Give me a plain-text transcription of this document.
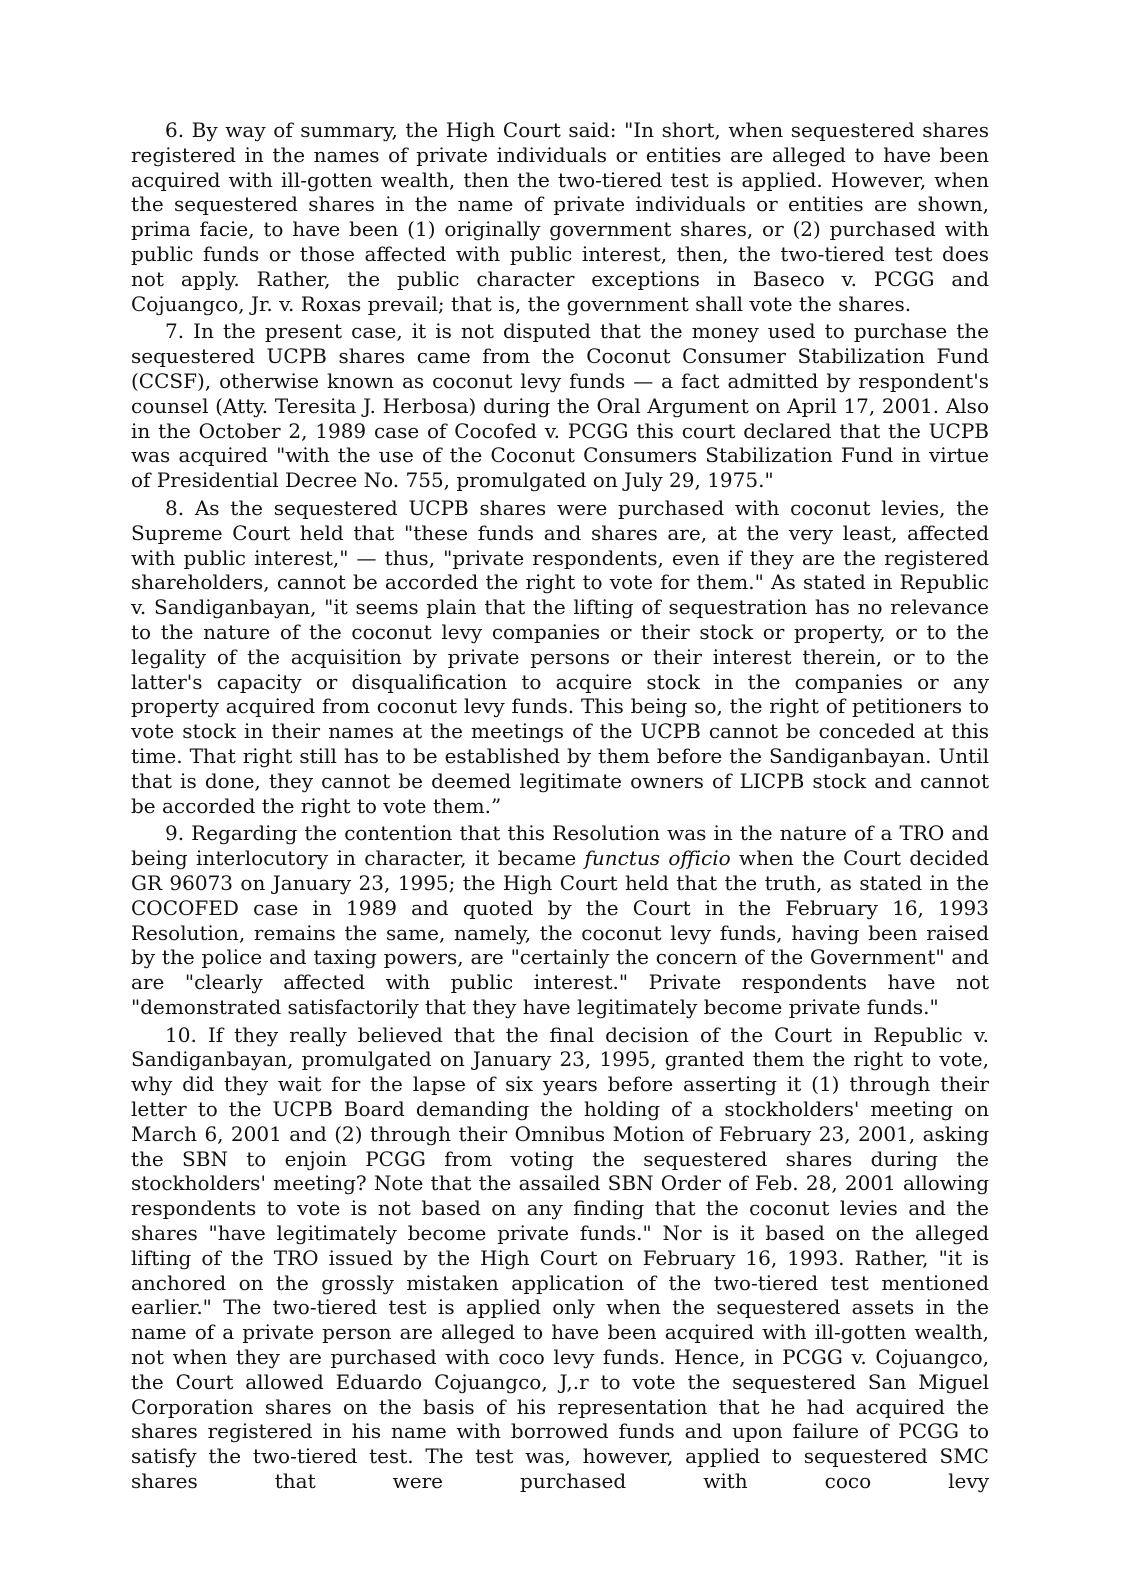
6. By way of summary, the High Court said: "In short, when sequestered shares registered in the names of private individuals or entities are alleged to have been acquired with ill-gotten wealth, then the two-tiered test is applied. However, when the sequestered shares in the name of private individuals or entities are shown, prima facie, to have been (1) originally government shares, or (2) purchased with public funds or those affected with public interest, then, the two-tiered test does not apply. Rather, the public character exceptions in Baseco v. PCGG and Cojuangco, Jr. v. Roxas prevail; that is, the government shall vote the shares.

7. In the present case, it is not disputed that the money used to purchase the sequestered UCPB shares came from the Coconut Consumer Stabilization Fund (CCSF), otherwise known as coconut levy funds — a fact admitted by respondent's counsel (Atty. Teresita J. Herbosa) during the Oral Argument on April 17, 2001. Also in the October 2, 1989 case of Cocofed v. PCGG this court declared that the UCPB was acquired "with the use of the Coconut Consumers Stabilization Fund in virtue of Presidential Decree No. 755, promulgated on July 29, 1975."

8. As the sequestered UCPB shares were purchased with coconut levies, the Supreme Court held that "these funds and shares are, at the very least, affected with public interest," — thus, "private respondents, even if they are the registered shareholders, cannot be accorded the right to vote for them." As stated in Republic v. Sandiganbayan, "it seems plain that the lifting of sequestration has no relevance to the nature of the coconut levy companies or their stock or property, or to the legality of the acquisition by private persons or their interest therein, or to the latter's capacity or disqualification to acquire stock in the companies or any property acquired from coconut levy funds. This being so, the right of petitioners to vote stock in their names at the meetings of the UCPB cannot be conceded at this time. That right still has to be established by them before the Sandiganbayan. Until that is done, they cannot be deemed legitimate owners of LICPB stock and cannot be accorded the right to vote them.”

9. Regarding the contention that this Resolution was in the nature of a TRO and being interlocutory in character, it became functus officio when the Court decided GR 96073 on January 23, 1995; the High Court held that the truth, as stated in the COCOFED case in 1989 and quoted by the Court in the February 16, 1993 Resolution, remains the same, namely, the coconut levy funds, having been raised by the police and taxing powers, are "certainly the concern of the Government" and are "clearly affected with public interest." Private respondents have not "demonstrated satisfactorily that they have legitimately become private funds."

10. If they really believed that the final decision of the Court in Republic v. Sandiganbayan, promulgated on January 23, 1995, granted them the right to vote, why did they wait for the lapse of six years before asserting it (1) through their letter to the UCPB Board demanding the holding of a stockholders' meeting on March 6, 2001 and (2) through their Omnibus Motion of February 23, 2001, asking the SBN to enjoin PCGG from voting the sequestered shares during the stockholders' meeting? Note that the assailed SBN Order of Feb. 28, 2001 allowing respondents to vote is not based on any finding that the coconut levies and the shares "have legitimately become private funds." Nor is it based on the alleged lifting of the TRO issued by the High Court on February 16, 1993. Rather, "it is anchored on the grossly mistaken application of the two-tiered test mentioned earlier." The two-tiered test is applied only when the sequestered assets in the name of a private person are alleged to have been acquired with ill-gotten wealth, not when they are purchased with coco levy funds. Hence, in PCGG v. Cojuangco, the Court allowed Eduardo Cojuangco, J,.r to vote the sequestered San Miguel Corporation shares on the basis of his representation that he had acquired the shares registered in his name with borrowed funds and upon failure of PCGG to satisfy the two-tiered test. The test was, however, applied to sequestered SMC shares that were purchased with coco levy
